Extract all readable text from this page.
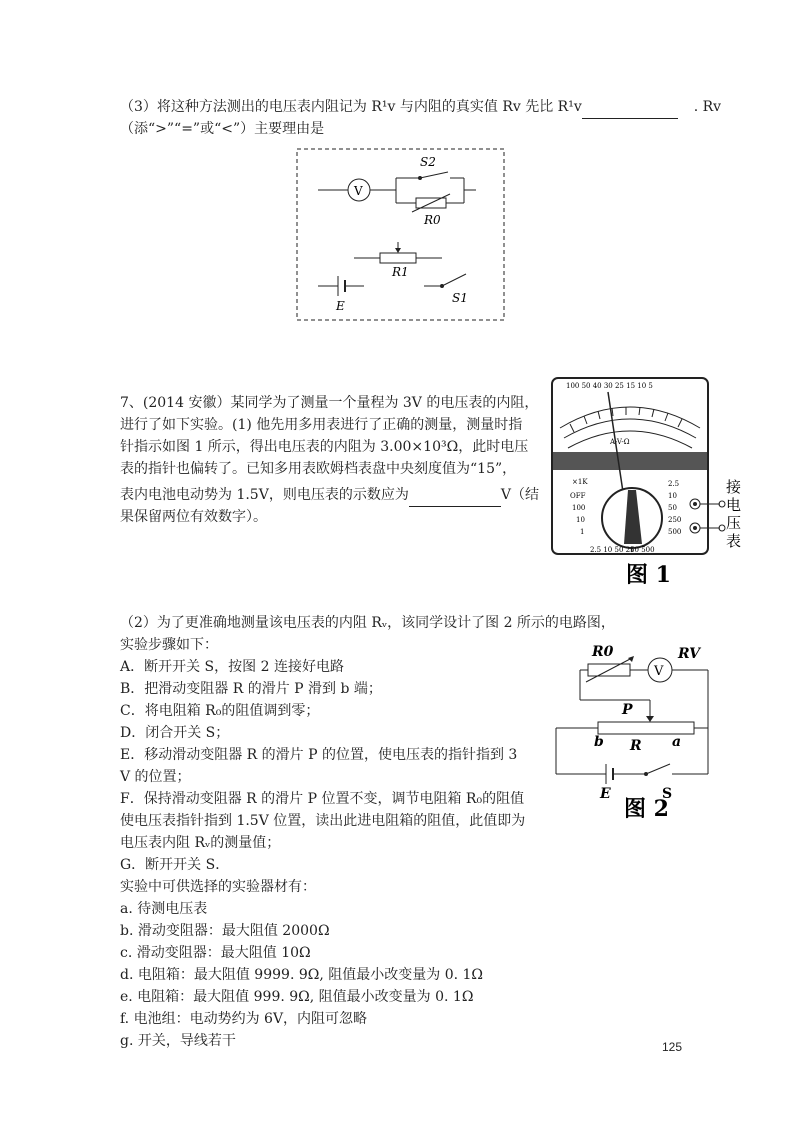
（3）将这种方法测出的电压表内阻记为 R¹v 与内阻的真实值 Rv 先比 R¹v	. Rv
（添“>”“=”或“<”）主要理由是
V
S2
R0
R1
E
S1
7、(2014 安徽）某同学为了测量一个量程为 3V 的电压表的内阻，
进行了如下实验。(1) 他先用多用表进行了正确的测量，测量时指
针指示如图 1 所示，得出电压表的内阻为 3.00×10³Ω，此时电压
表的指针也偏转了。已知多用表欧姆档表盘中央刻度值为“15”，
表内电池电动势为 1.5V，则电压表的示数应为	V（结
果保留两位有效数字）。
100 50 40 30 25 15 10 5
A-V-Ω
×1K
OFF
100
10
1
2.5
10
50
250
500
2.5 10 50 250 500
接
电
压
表
图 1
（2）为了更准确地测量该电压表的内阻 Rᵥ，该同学设计了图 2 所示的电路图，
实验步骤如下：
A．断开开关 S，按图 2 连接好电路
B．把滑动变阻器 R 的滑片 P 滑到 b 端；
C．将电阻箱 R₀的阻值调到零；
D．闭合开关 S；
E．移动滑动变阻器 R 的滑片 P 的位置，使电压表的指针指到 3
V 的位置；
F．保持滑动变阻器 R 的滑片 P 位置不变，调节电阻箱 R₀的阻值
使电压表指针指到 1.5V 位置，读出此进电阻箱的阻值，此值即为
电压表内阻 Rᵥ的测量值；
G．断开开关 S．
实验中可供选择的实验器材有：
a. 待测电压表
b. 滑动变阻器：最大阻值 2000Ω
c. 滑动变阻器：最大阻值 10Ω
d. 电阻箱：最大阻值 9999. 9Ω, 阻值最小改变量为 0. 1Ω
e. 电阻箱：最大阻值 999. 9Ω, 阻值最小改变量为 0. 1Ω
f. 电池组：电动势约为 6V，内阻可忽略
g. 开关，导线若干
V
R0	RV
P
b R a
E	S
图 2
125
